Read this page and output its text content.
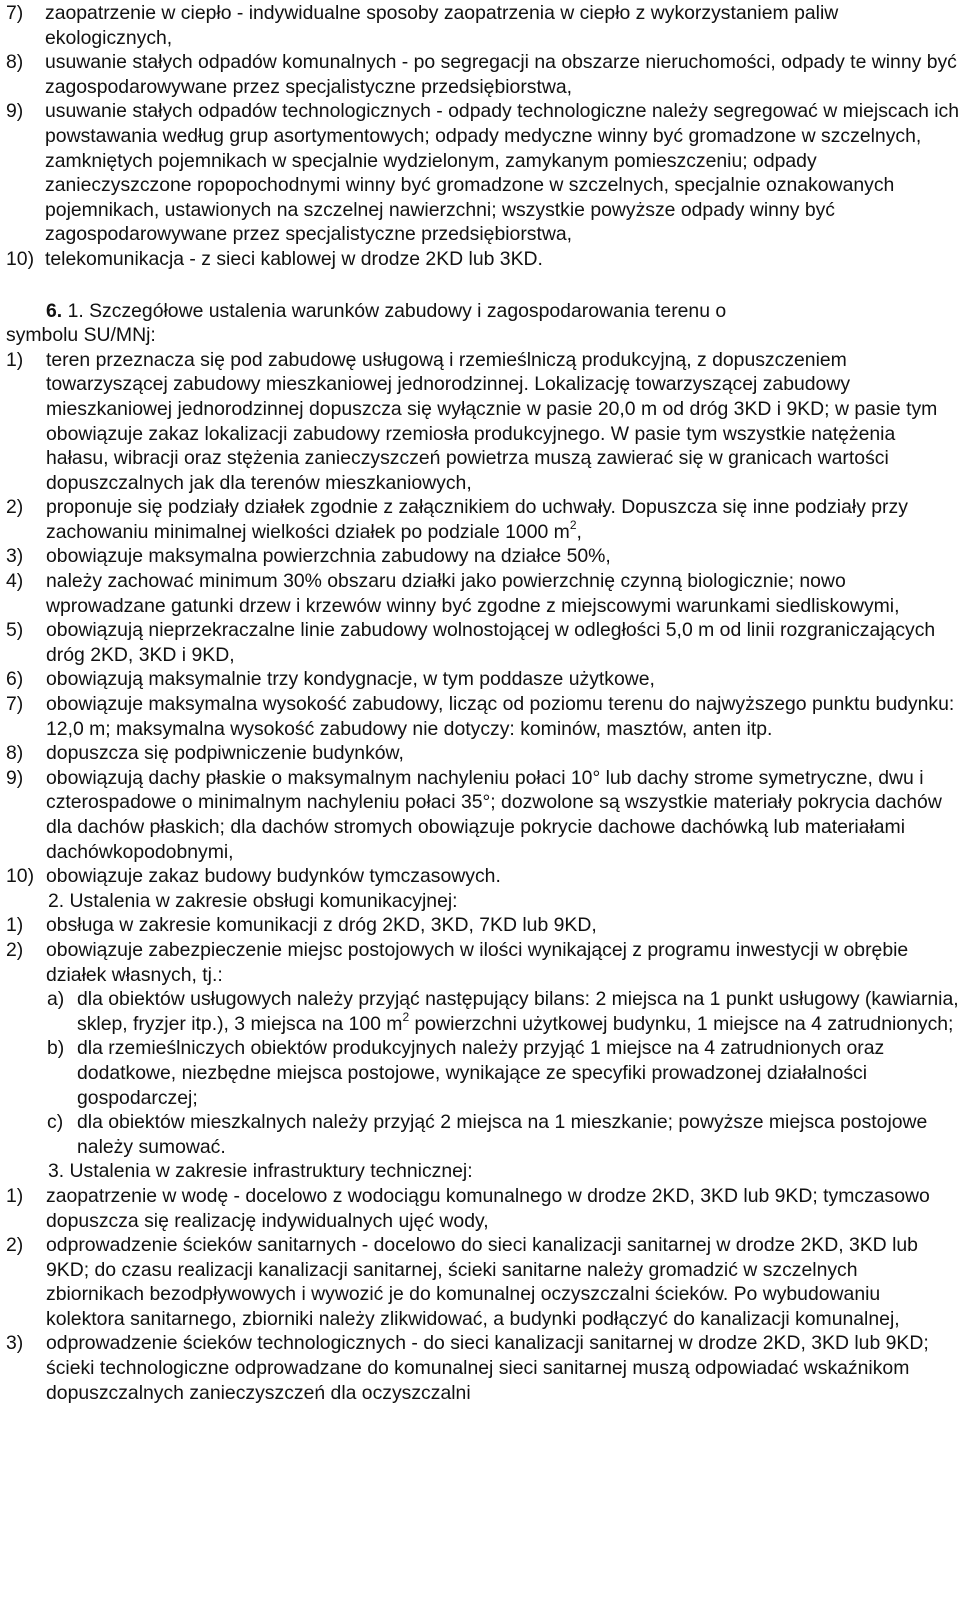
7) zaopatrzenie w ciepło - indywidualne sposoby zaopatrzenia w ciepło z wykorzystaniem paliw ekologicznych,
8) usuwanie stałych odpadów komunalnych - po segregacji na obszarze nieruchomości, odpady te winny być zagospodarowywane przez specjalistyczne przedsiębiorstwa,
9) usuwanie stałych odpadów technologicznych - odpady technologiczne należy segregować w miejscach ich powstawania według grup asortymentowych; odpady medyczne winny być gromadzone w szczelnych, zamkniętych pojemnikach w specjalnie wydzielonym, zamykanym pomieszczeniu; odpady zanieczyszczone ropopochodnymi winny być gromadzone w szczelnych, specjalnie oznakowanych pojemnikach, ustawionych na szczelnej nawierzchni; wszystkie powyższe odpady winny być zagospodarowywane przez specjalistyczne przedsiębiorstwa,
10) telekomunikacja - z sieci kablowej w drodze 2KD lub 3KD.
6. 1. Szczegółowe ustalenia warunków zabudowy i zagospodarowania terenu o
symbolu SU/MNj:
1) teren przeznacza się pod zabudowę usługową i rzemieślniczą produkcyjną, z dopuszczeniem towarzyszącej zabudowy mieszkaniowej jednorodzinnej. Lokalizację towarzyszącej zabudowy mieszkaniowej jednorodzinnej dopuszcza się wyłącznie w pasie 20,0 m od dróg 3KD i 9KD; w pasie tym obowiązuje zakaz lokalizacji zabudowy rzemiosła produkcyjnego. W pasie tym wszystkie natężenia hałasu, wibracji oraz stężenia zanieczyszczeń powietrza muszą zawierać się w granicach wartości dopuszczalnych jak dla terenów mieszkaniowych,
2) proponuje się podziały działek zgodnie z załącznikiem do uchwały. Dopuszcza się inne podziały przy zachowaniu minimalnej wielkości działek po podziale 1000 $m^2$,
3) obowiązuje maksymalna powierzchnia zabudowy na działce 50%,
4) należy zachować minimum 30% obszaru działki jako powierzchnię czynną biologicznie; nowo wprowadzane gatunki drzew i krzewów winny być zgodne z miejscowymi warunkami siedliskowymi,
5) obowiązują nieprzekraczalne linie zabudowy wolnostojącej w odległości 5,0 m od linii rozgraniczających dróg 2KD, 3KD i 9KD,
6) obowiązują maksymalnie trzy kondygnacje, w tym poddasze użytkowe,
7) obowiązuje maksymalna wysokość zabudowy, licząc od poziomu terenu do najwyższego punktu budynku: 12,0 m; maksymalna wysokość zabudowy nie dotyczy: kominów, masztów, anten itp.
8) dopuszcza się podpiwniczenie budynków,
9) obowiązują dachy płaskie o maksymalnym nachyleniu połaci 10° lub dachy strome symetryczne, dwu i czterospadowe o minimalnym nachyleniu połaci 35°; dozwolone są wszystkie materiały pokrycia dachów dla dachów płaskich; dla dachów stromych obowiązuje pokrycie dachowe dachówką lub materiałami dachówkopodobnymi,
10) obowiązuje zakaz budowy budynków tymczasowych.
2. Ustalenia w zakresie obsługi komunikacyjnej:
1) obsługa w zakresie komunikacji z dróg 2KD, 3KD, 7KD lub 9KD,
2) obowiązuje zabezpieczenie miejsc postojowych w ilości wynikającej z programu inwestycji w obrębie działek własnych, tj.:
a) dla obiektów usługowych należy przyjąć następujący bilans: 2 miejsca na 1 punkt usługowy (kawiarnia, sklep, fryzjer itp.), 3 miejsca na 100 $m^2$ powierzchni użytkowej budynku, 1 miejsce na 4 zatrudnionych;
b) dla rzemieślniczych obiektów produkcyjnych należy przyjąć 1 miejsce na 4 zatrudnionych oraz dodatkowe, niezbędne miejsca postojowe, wynikające ze specyfiki prowadzonej działalności gospodarczej;
c) dla obiektów mieszkalnych należy przyjąć 2 miejsca na 1 mieszkanie; powyższe miejsca postojowe należy sumować.
3. Ustalenia w zakresie infrastruktury technicznej:
1) zaopatrzenie w wodę - docelowo z wodociągu komunalnego w drodze 2KD, 3KD lub 9KD; tymczasowo dopuszcza się realizację indywidualnych ujęć wody,
2) odprowadzenie ścieków sanitarnych - docelowo do sieci kanalizacji sanitarnej w drodze 2KD, 3KD lub 9KD; do czasu realizacji kanalizacji sanitarnej, ścieki sanitarne należy gromadzić w szczelnych zbiornikach bezodpływowych i wywozić je do komunalnej oczyszczalni ścieków. Po wybudowaniu kolektora sanitarnego, zbiorniki należy zlikwidować, a budynki podłączyć do kanalizacji komunalnej,
3) odprowadzenie ścieków technologicznych - do sieci kanalizacji sanitarnej w drodze 2KD, 3KD lub 9KD; ścieki technologiczne odprowadzane do komunalnej sieci sanitarnej muszą odpowiadać wskaźnikom dopuszczalnych zanieczyszczeń dla oczyszczalni
